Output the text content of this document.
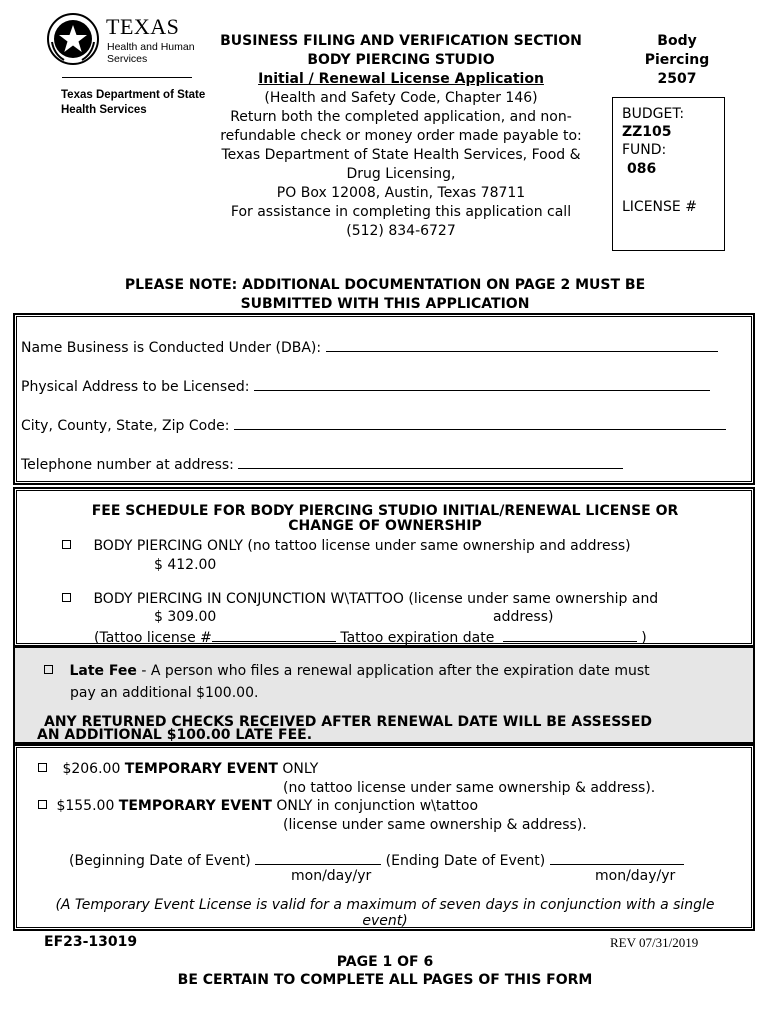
TEXAS
Health and Human
Services
Texas Department of State
Health Services
BUSINESS FILING AND VERIFICATION SECTION
BODY PIERCING STUDIO
Initial / Renewal License Application
(Health and Safety Code, Chapter 146)
Return both the completed application, and non-
refundable check or money order made payable to:
Texas Department of State Health Services, Food &
Drug Licensing,
PO Box 12008, Austin, Texas 78711
For assistance in completing this application call
(512) 834-6727
Body
Piercing
2507
BUDGET:
ZZ105
FUND:
086
LICENSE #
PLEASE NOTE: ADDITIONAL DOCUMENTATION ON PAGE 2 MUST BE
SUBMITTED WITH THIS APPLICATION
Name Business is Conducted Under (DBA):
Physical Address to be Licensed:
City, County, State, Zip Code:
Telephone number at address:
FEE SCHEDULE FOR BODY PIERCING STUDIO INITIAL/RENEWAL LICENSE OR
CHANGE OF OWNERSHIP
BODY PIERCING ONLY (no tattoo license under same ownership and address)
$ 412.00
BODY PIERCING IN CONJUNCTION W\TATTOO (license under same ownership and
$ 309.00	address)
(Tattoo license #	Tattoo expiration date	)
Late Fee - A person who files a renewal application after the expiration date must
pay an additional $100.00.
ANY RETURNED CHECKS RECEIVED AFTER RENEWAL DATE WILL BE ASSESSED
AN ADDITIONAL $100.00 LATE FEE.
$206.00 TEMPORARY EVENT ONLY
(no tattoo license under same ownership & address).
$155.00 TEMPORARY EVENT ONLY in conjunction w\tattoo
(license under same ownership & address).
(Beginning Date of Event)	(Ending Date of Event)
mon/day/yr	mon/day/yr
(A Temporary Event License is valid for a maximum of seven days in conjunction with a single
event)
EF23-13019	REV 07/31/2019
PAGE 1 OF 6
BE CERTAIN TO COMPLETE ALL PAGES OF THIS FORM
